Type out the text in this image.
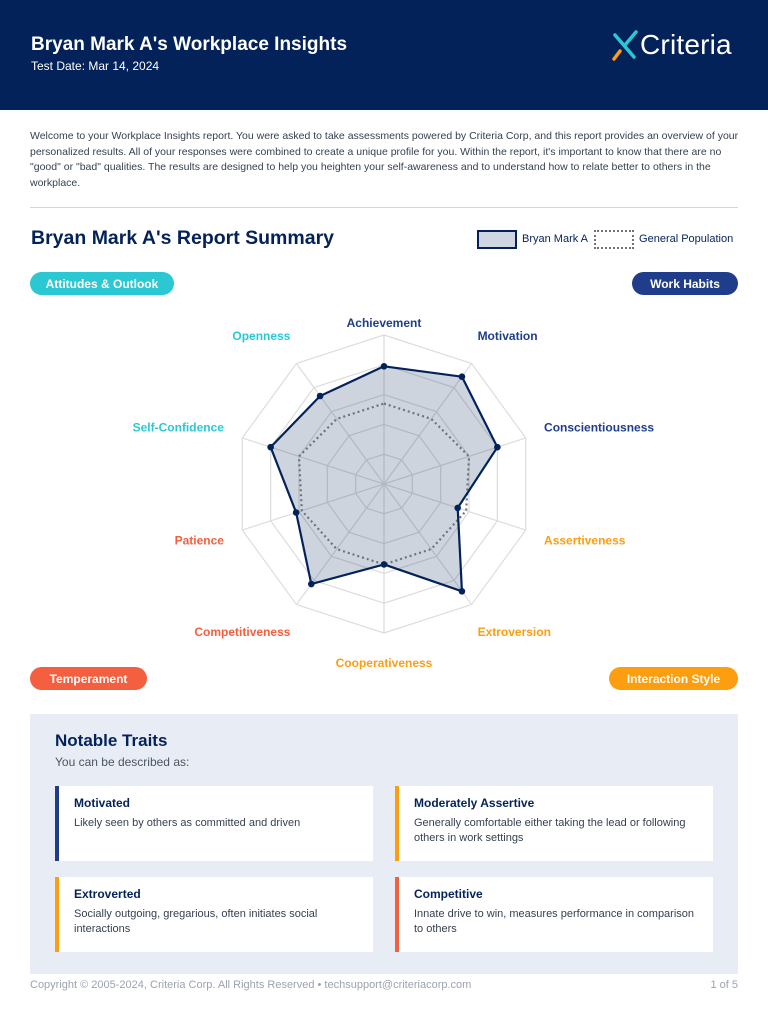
Bryan Mark A's Workplace Insights
Test Date: Mar 14, 2024
Criteria
Welcome to your Workplace Insights report. You were asked to take assessments powered by Criteria Corp, and this report provides an overview of your personalized results. All of your responses were combined to create a unique profile for you. Within the report, it's important to know that there are no "good" or "bad" qualities. The results are designed to help you heighten your self-awareness and to understand how to relate better to others in the workplace.
Bryan Mark A's Report Summary	Bryan Mark A	General Population
Attitudes & Outlook	Work Habits
Temperament	Interaction Style
Achievement
Motivation
Conscientiousness
Assertiveness
Extroversion
Cooperativeness
Competitiveness
Patience
Self-Confidence
Openness
Notable Traits
You can be described as:
Motivated
Likely seen by others as committed and driven
Moderately Assertive
Generally comfortable either taking the lead or following others in work settings
Extroverted
Socially outgoing, gregarious, often initiates social interactions
Competitive
Innate drive to win, measures performance in comparison to others
Copyright © 2005-2024, Criteria Corp. All Rights Reserved • techsupport@criteriacorp.com	1 of 5
